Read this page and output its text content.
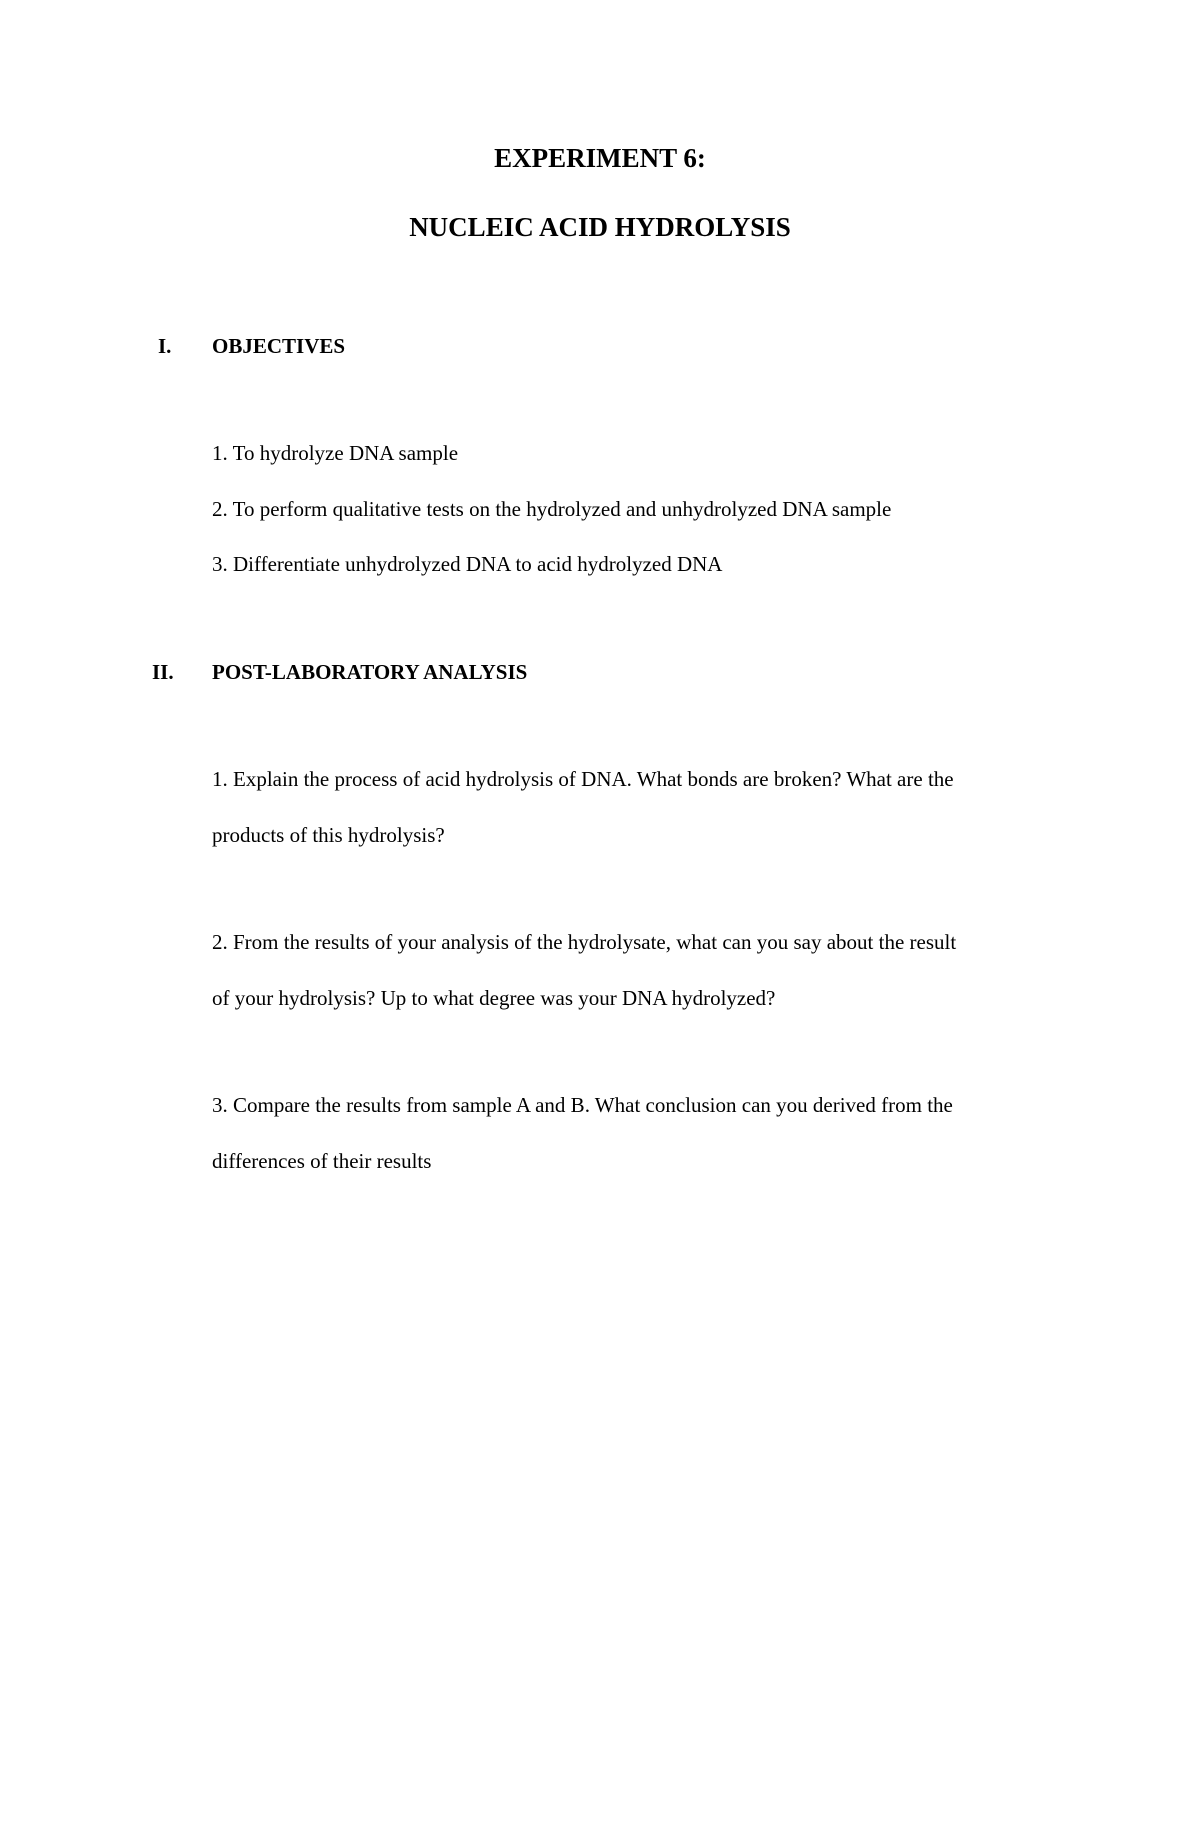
EXPERIMENT 6:
NUCLEIC ACID HYDROLYSIS
I. OBJECTIVES

1. To hydrolyze DNA sample

2. To perform qualitative tests on the hydrolyzed and unhydrolyzed DNA sample

3. Differentiate unhydrolyzed DNA to acid hydrolyzed DNA

II. POST-LABORATORY ANALYSIS

1. Explain the process of acid hydrolysis of DNA. What bonds are broken? What are the

products of this hydrolysis?

2. From the results of your analysis of the hydrolysate, what can you say about the result

of your hydrolysis? Up to what degree was your DNA hydrolyzed?

3. Compare the results from sample A and B. What conclusion can you derived from the

differences of their results
